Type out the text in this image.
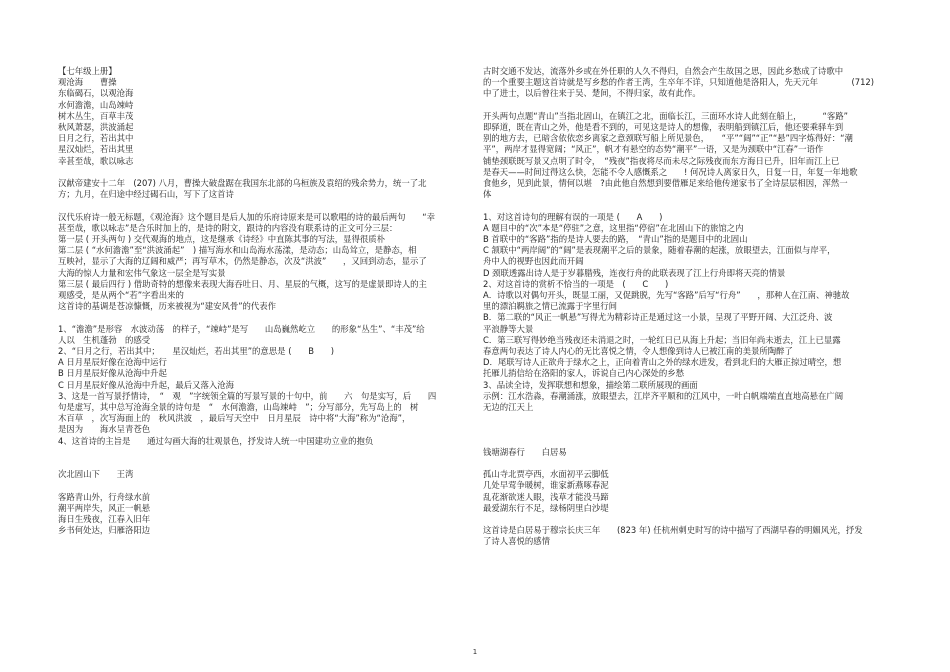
【七年级上册】
观沧海　　曹操
东临碣石，以观沧海
水何澹澹，山岛竦峙
树木丛生，百草丰茂
秋风萧瑟，洪波涌起
日月之行，若出其中
星汉灿烂，若出其里
幸甚至哉，歌以咏志
汉献帝建安十二年　(207) 八月，曹操大破盘踞在我国东北部的乌桓族及袁绍的残余势力，统一了北
方；九月，在归途中经过碣石山，写下了这首诗
汉代乐府诗一般无标题，《观沧海》这个题目是后人加的乐府诗原来是可以歌唱的诗的最后两句　　“幸
甚至哉，歌以咏志”是合乐时加上的，是诗的附文，跟诗的内容没有联系诗的正文可分三层：
第一层 ( 开头两句 ) 交代观海的地点，这是继承《诗经》中直陈其事的写法，显得很质朴
第二层 ( “水何澹澹”至“洪波涌起”　) 描写海水和山岛海水荡漾，是动态；山岛耸立，是静态，相
互映衬，显示了大海的辽阔和威严；再写草木，仍然是静态，次及“洪波”　　，又回到动态，显示了
大海的惊人力量和宏伟气象这一层全是写实景
第三层 ( 最后四行 ) 借助奇特的想像来表现大海吞吐日、月、星辰的气概，这写的是虚景即诗人的主
观感受，是从两个“若”字看出来的
这首诗的基调是苍凉慷慨，历来被视为“建安风骨”的代表作
1、“澹澹”是形容　水波动荡　的样子，“竦峙”是写　　山岛巍然屹立　　的形象“丛生”、“丰茂”给
人以　生机蓬勃　的感受
2、“日月之行，若出其中；　　星汉灿烂，若出其里”的意思是 (　　B　　)
A 日月星辰好像在沧海中运行
B 日月星辰好像从沧海中升起
C 日月星辰好像从沧海中升起，最后又落入沧海
3、这是一首写景抒情诗，　“　观　”字统领全篇的写景写景的十句中，前　　六　句是实写，后　　四
句是虚写，其中总写沧海全景的诗句是　“　水何澹澹，山岛竦峙　”；分写部分，先写岛上的　树
木百草　，次写海面上的　秋风洪波　，最后写天空中　日月星辰　诗中将“大海”称为“沧海”，
是因为　　海水呈青苍色
4、这首诗的主旨是　　通过勾画大海的壮观景色，抒发诗人统一中国建功立业的抱负
次北固山下　　王湾
客路青山外，行舟绿水前
潮平两岸失，风正一帆悬
海日生残夜，江春入旧年
乡书何处达，归雁洛阳边
古时交通不发达，流落外乡或在外任职的人久不得归，自然会产生故国之思，因此乡愁成了诗歌中
的一个重要主题这首诗就是写乡愁的作者王湾，生卒年不详，只知道他是洛阳人，先天元年　　　　(712)
中了进士，以后曾往来于吴、楚间，不得归家，故有此作。
开头两句点题“青山”当指北固山，在镇江之北，面临长江，三面环水诗人此刻在船上，　　　“客路”
即驿道，既在青山之外，他是看不到的，可见这是诗人的想像，表明船到镇江后，他还要乘驿车到
别的地方去，已暗含依依恋乡离家之意颈联写船上所见景色，　　“平”“阔”“正”“悬”四字炼得好：“潮
平”，两岸才显得宽阔；“风正”，帆才有悬空的态势“潮平”一语，又是为颈联中“江春”一语作
铺垫颈联既写景又点明了时令，　“残夜”指夜将尽而未尽之际残夜而东方海日已升，旧年而江上已
是春天——时间过得这么快，怎能不令人感慨系之　　! 何况诗人离家日久，日复一日，年复一年地歌
食他乡，见到此景，情何以堪　?由此他自然想到要借雁足来给他传递家书了全诗层层相因，浑然一
体
1、对这首诗句的理解有误的一项是 (　　A　　)
A 题目中的“次”本是“停驻”之意，这里指“停宿”在北固山下的旅馆之内
B 首联中的“客路”指的是诗人要去的路，　“青山”指的是题目中的北固山
C 颔联中“两岸阔”的“阔”是表现潮平之后的景象，随着春潮的起涨，放眼望去，江面似与岸平，
舟中人的视野也因此而开阔
D 颈联透露出诗人是于岁暮腊残，连夜行舟的此联表现了江上行舟即将天亮的情景
2、对这首诗的赏析不恰当的一项是　(　　C　　)
A．诗歌以对偶句开头，既显工丽，又促跳脱，先写“客路”后写“行舟”　　，那种人在江南、神驰故
里的漂泊羁旅之情已流露于字里行间
B．第二联的“风正一帆悬”写得尤为精彩诗正是通过这一小景，呈现了平野开阔、大江泛舟、波
平浪静等大景
C．第三联写得妙绝当残夜还未消退之时，一轮红日已从海上升起；当旧年尚未逝去，江上已显露
春意两句表达了诗人内心的无比喜悦之情，令人想像到诗人已被江南的美景所陶醉了
D．尾联写诗人正欲舟于绿水之上，正向着青山之外的绿水进发，看到北归的大雁正掠过晴空，想
托雁儿捎信给在洛阳的家人，诉说自己内心深处的乡愁
3、品读全诗，发挥联想和想象，描绘第二联所展现的画面
示例：江水浩淼，春潮涌涨，放眼望去，江岸齐平顺和的江风中，一叶白帆端端直直地高悬在广阔
无边的江天上
钱塘湖春行　　白居易
孤山寺北贾亭西，水面初平云脚低
几处早莺争暖树，谁家新燕啄春泥
乱花渐欲迷人眼，浅草才能没马蹄
最爱湖东行不足，绿杨阴里白沙堤
这首诗是白居易于穆宗长庆三年　　(823 年) 任杭州刺史时写的诗中描写了西湖早春的明媚风光，抒发
了诗人喜悦的感情
1
